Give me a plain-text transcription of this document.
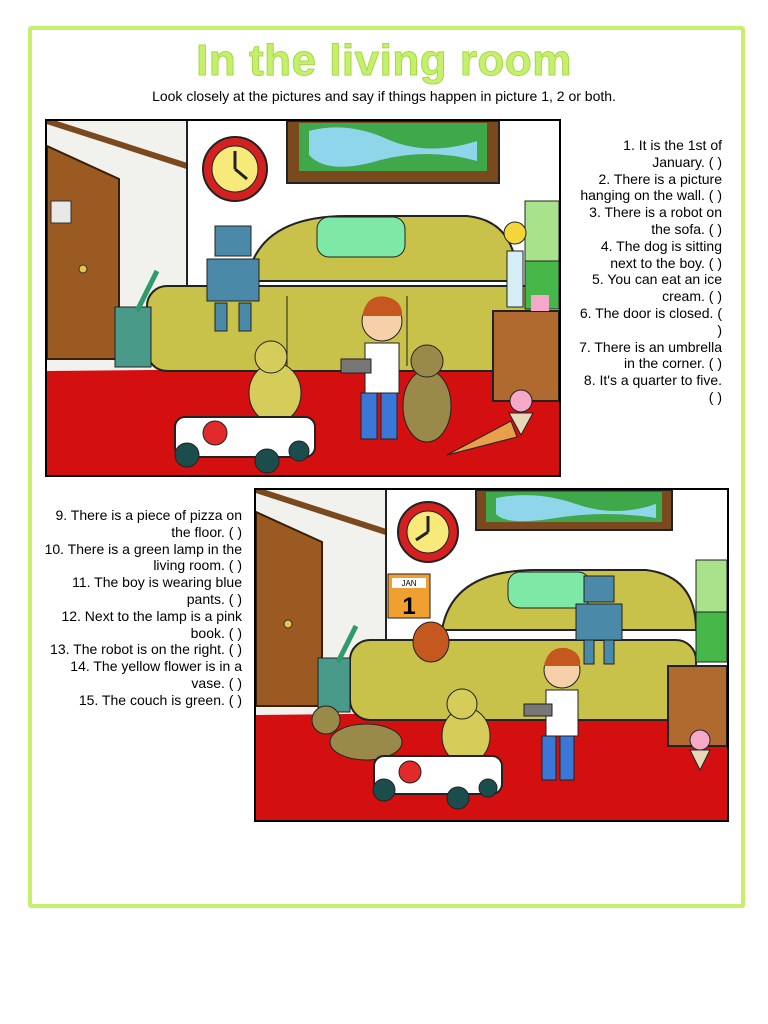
In the living room
Look closely at the pictures and say if things happen in picture 1, 2 or both.
JAN
1
1. It is the 1st of January. ( )
2. There is a picture hanging on the wall. ( )
3. There is a robot on the sofa. ( )
4. The dog is sitting next to the boy. ( )
5. You can eat an ice cream. ( )
6. The door is closed. ( )
7. There is an umbrella in the corner. ( )
8. It's a quarter to five. ( )
9. There is a piece of pizza on the floor. ( )
10. There is a green lamp in the living room. ( )
11. The boy is wearing blue pants. ( )
12. Next to the lamp is a pink book. ( )
13. The robot is on the right. ( )
14. The yellow flower is in a vase. ( )
15. The couch is green. ( )
